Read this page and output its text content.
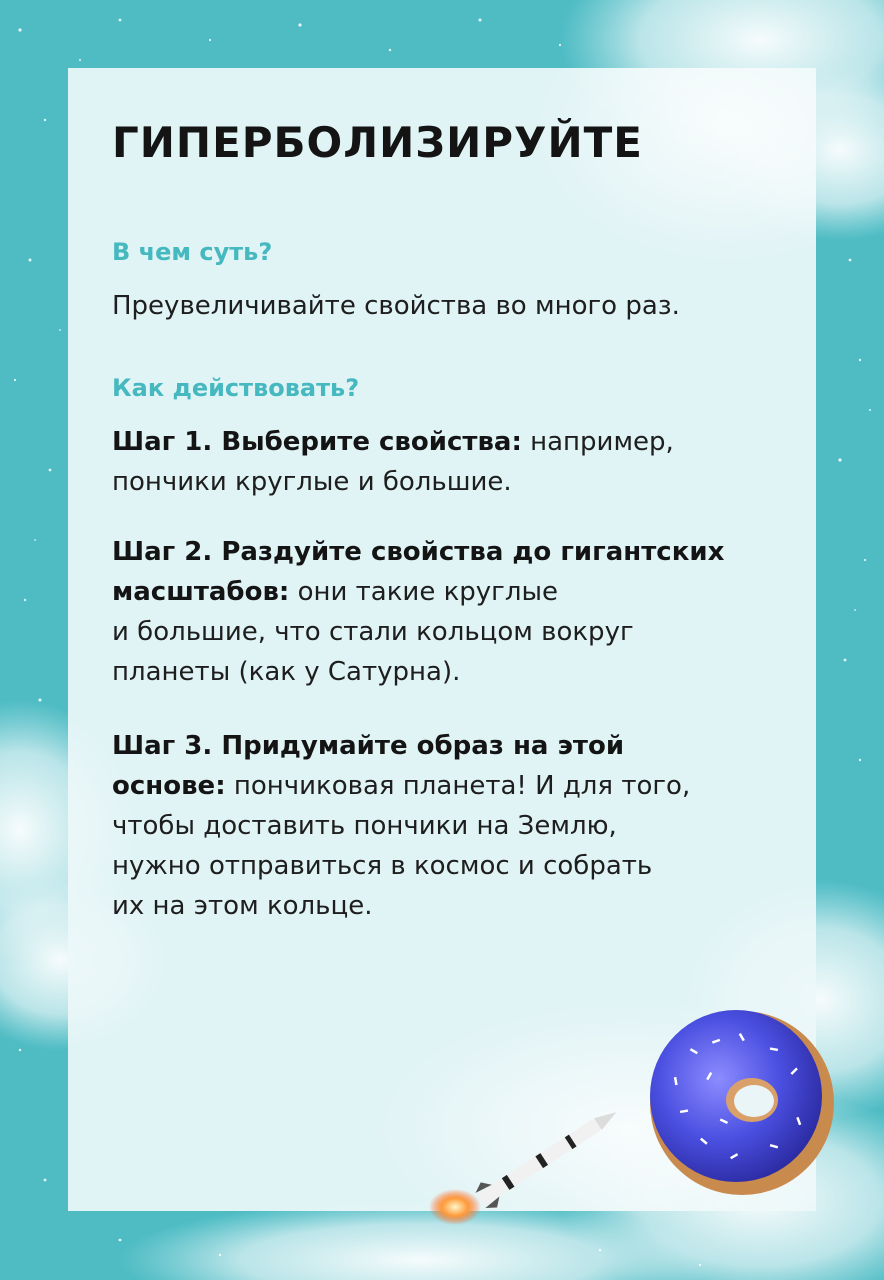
ГИПЕРБОЛИЗИРУЙТЕ
В чем суть?
Преувеличивайте свойства во много раз.
Как действовать?
Шаг 1. Выберите свойства: например,
пончики круглые и большие.
Шаг 2. Раздуйте свойства до гигантских
масштабов: они такие круглые
и большие, что стали кольцом вокруг
планеты (как у Сатурна).
Шаг 3. Придумайте образ на этой
основе: пончиковая планета! И для того,
чтобы доставить пончики на Землю,
нужно отправиться в космос и собрать
их на этом кольце.
